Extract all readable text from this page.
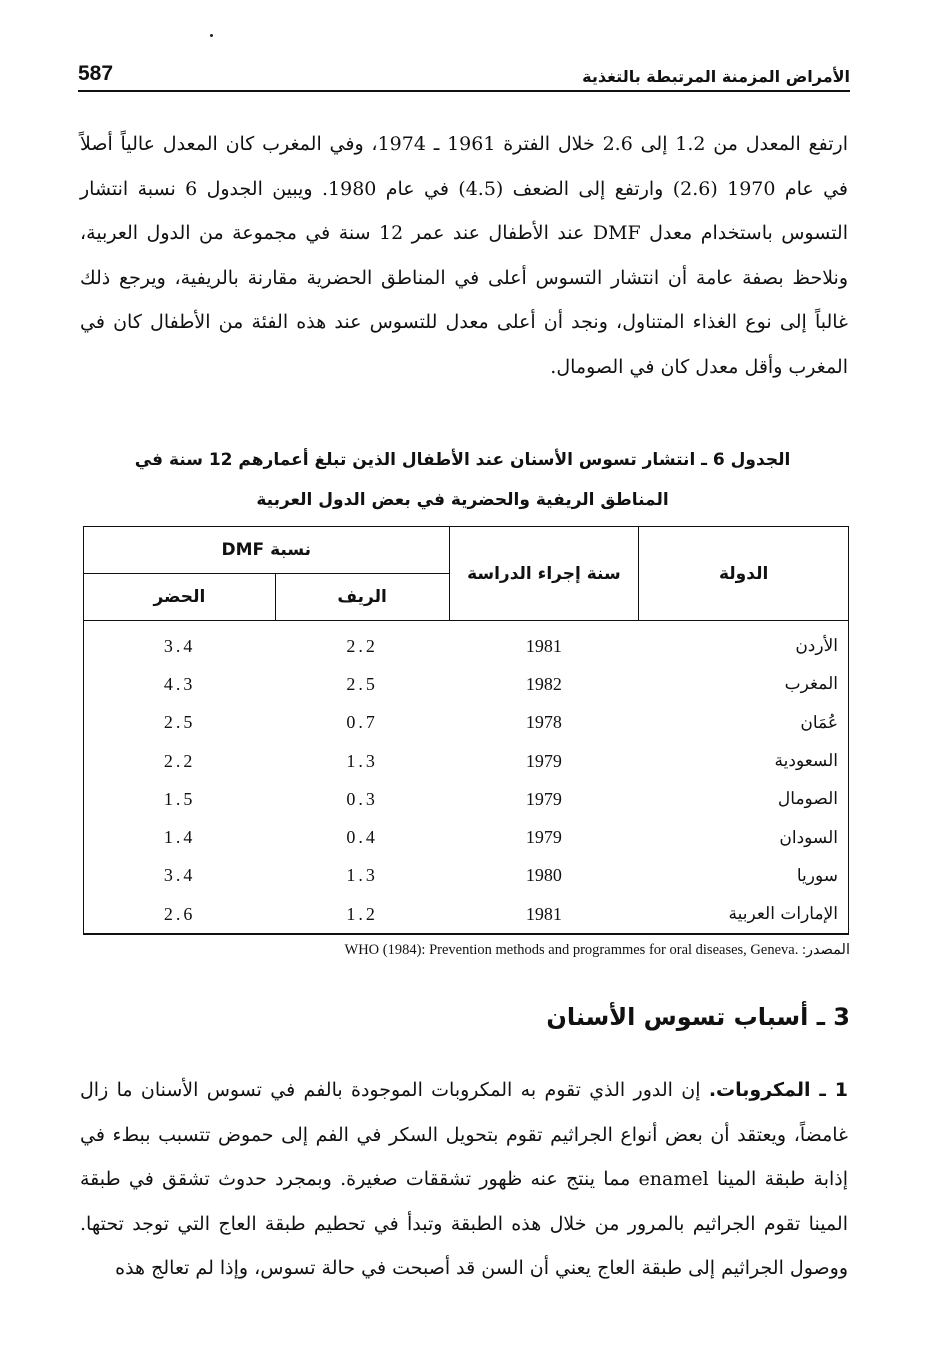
587	الأمراض المزمنة المرتبطة بالتغذية

ارتفع المعدل من 1.2 إلى 2.6 خلال الفترة 1961 ـ 1974، وفي المغرب كان المعدل عالياً أصلاً في عام 1970 (2.6) وارتفع إلى الضعف (4.5) في عام 1980. ويبين الجدول 6 نسبة انتشار التسوس باستخدام معدل DMF عند الأطفال عند عمر 12 سنة في مجموعة من الدول العربية، ونلاحظ بصفة عامة أن انتشار التسوس أعلى في المناطق الحضرية مقارنة بالريفية، ويرجع ذلك غالباً إلى نوع الغذاء المتناول، ونجد أن أعلى معدل للتسوس عند هذه الفئة من الأطفال كان في المغرب وأقل معدل كان في الصومال.

الجدول 6 ـ انتشار تسوس الأسنان عند الأطفال الذين تبلغ أعمارهم 12 سنة في
المناطق الريفية والحضرية في بعض الدول العربية
الدولة	سنة إجراء الدراسة	نسبة DMF	
		الريف	الحضر
الأردن	1981	2.2	3.4
المغرب	1982	2.5	4.3
عُمَان	1978	0.7	2.5
السعودية	1979	1.3	2.2
الصومال	1979	0.3	1.5
السودان	1979	0.4	1.4
سوريا	1980	1.3	3.4
الإمارات العربية	1981	1.2	2.6
المصدر: WHO (1984): Prevention methods and programmes for oral diseases, Geneva.
3 ـ أسباب تسوس الأسنان

1 ـ المكروبات. إن الدور الذي تقوم به المكروبات الموجودة بالفم في تسوس الأسنان ما زال غامضاً، ويعتقد أن بعض أنواع الجراثيم تقوم بتحويل السكر في الفم إلى حموض تتسبب ببطء في إذابة طبقة المينا enamel مما ينتج عنه ظهور تشققات صغيرة. وبمجرد حدوث تشقق في طبقة المينا تقوم الجراثيم بالمرور من خلال هذه الطبقة وتبدأ في تحطيم طبقة العاج التي توجد تحتها. ووصول الجراثيم إلى طبقة العاج يعني أن السن قد أصبحت في حالة تسوس، وإذا لم تعالج هذه
